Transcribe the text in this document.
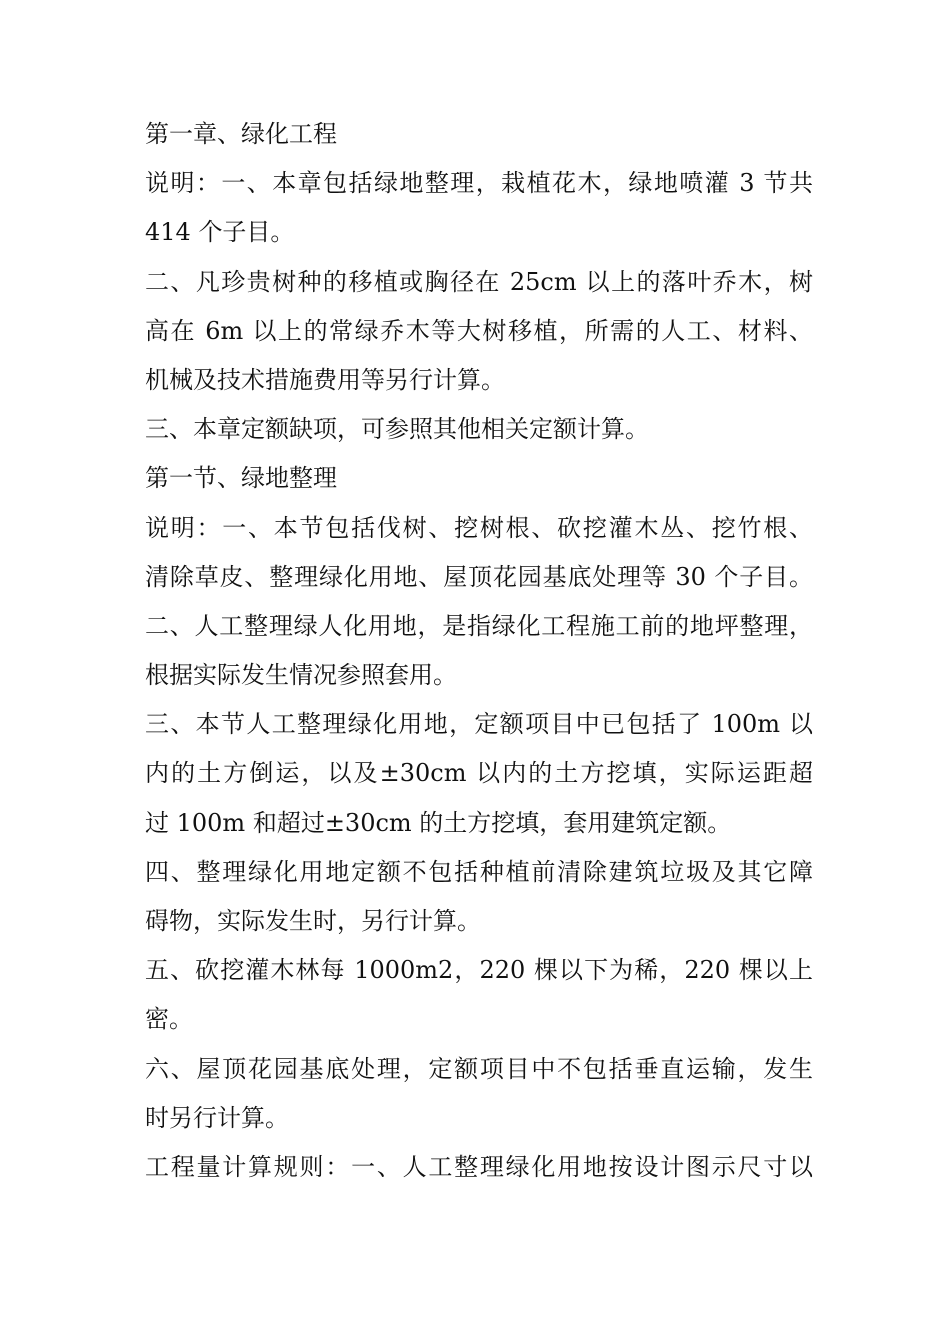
第一章、绿化工程
说明：一、本章包括绿地整理，栽植花木，绿地喷灌 3 节共
414 个子目。
二、凡珍贵树种的移植或胸径在 25cm 以上的落叶乔木，树
高在 6m 以上的常绿乔木等大树移植，所需的人工、材料、
机械及技术措施费用等另行计算。
三、本章定额缺项，可参照其他相关定额计算。
第一节、绿地整理
说明：一、本节包括伐树、挖树根、砍挖灌木丛、挖竹根、
清除草皮、整理绿化用地、屋顶花园基底处理等 30 个子目。
二、人工整理绿人化用地，是指绿化工程施工前的地坪整理，
根据实际发生情况参照套用。
三、本节人工整理绿化用地，定额项目中已包括了 100m 以
内的土方倒运，以及±30cm 以内的土方挖填，实际运距超
过 100m 和超过±30cm 的土方挖填，套用建筑定额。
四、整理绿化用地定额不包括种植前清除建筑垃圾及其它障
碍物，实际发生时，另行计算。
五、砍挖灌木林每 1000m2，220 棵以下为稀，220 棵以上
密。
六、屋顶花园基底处理，定额项目中不包括垂直运输，发生
时另行计算。
工程量计算规则：一、人工整理绿化用地按设计图示尺寸以
